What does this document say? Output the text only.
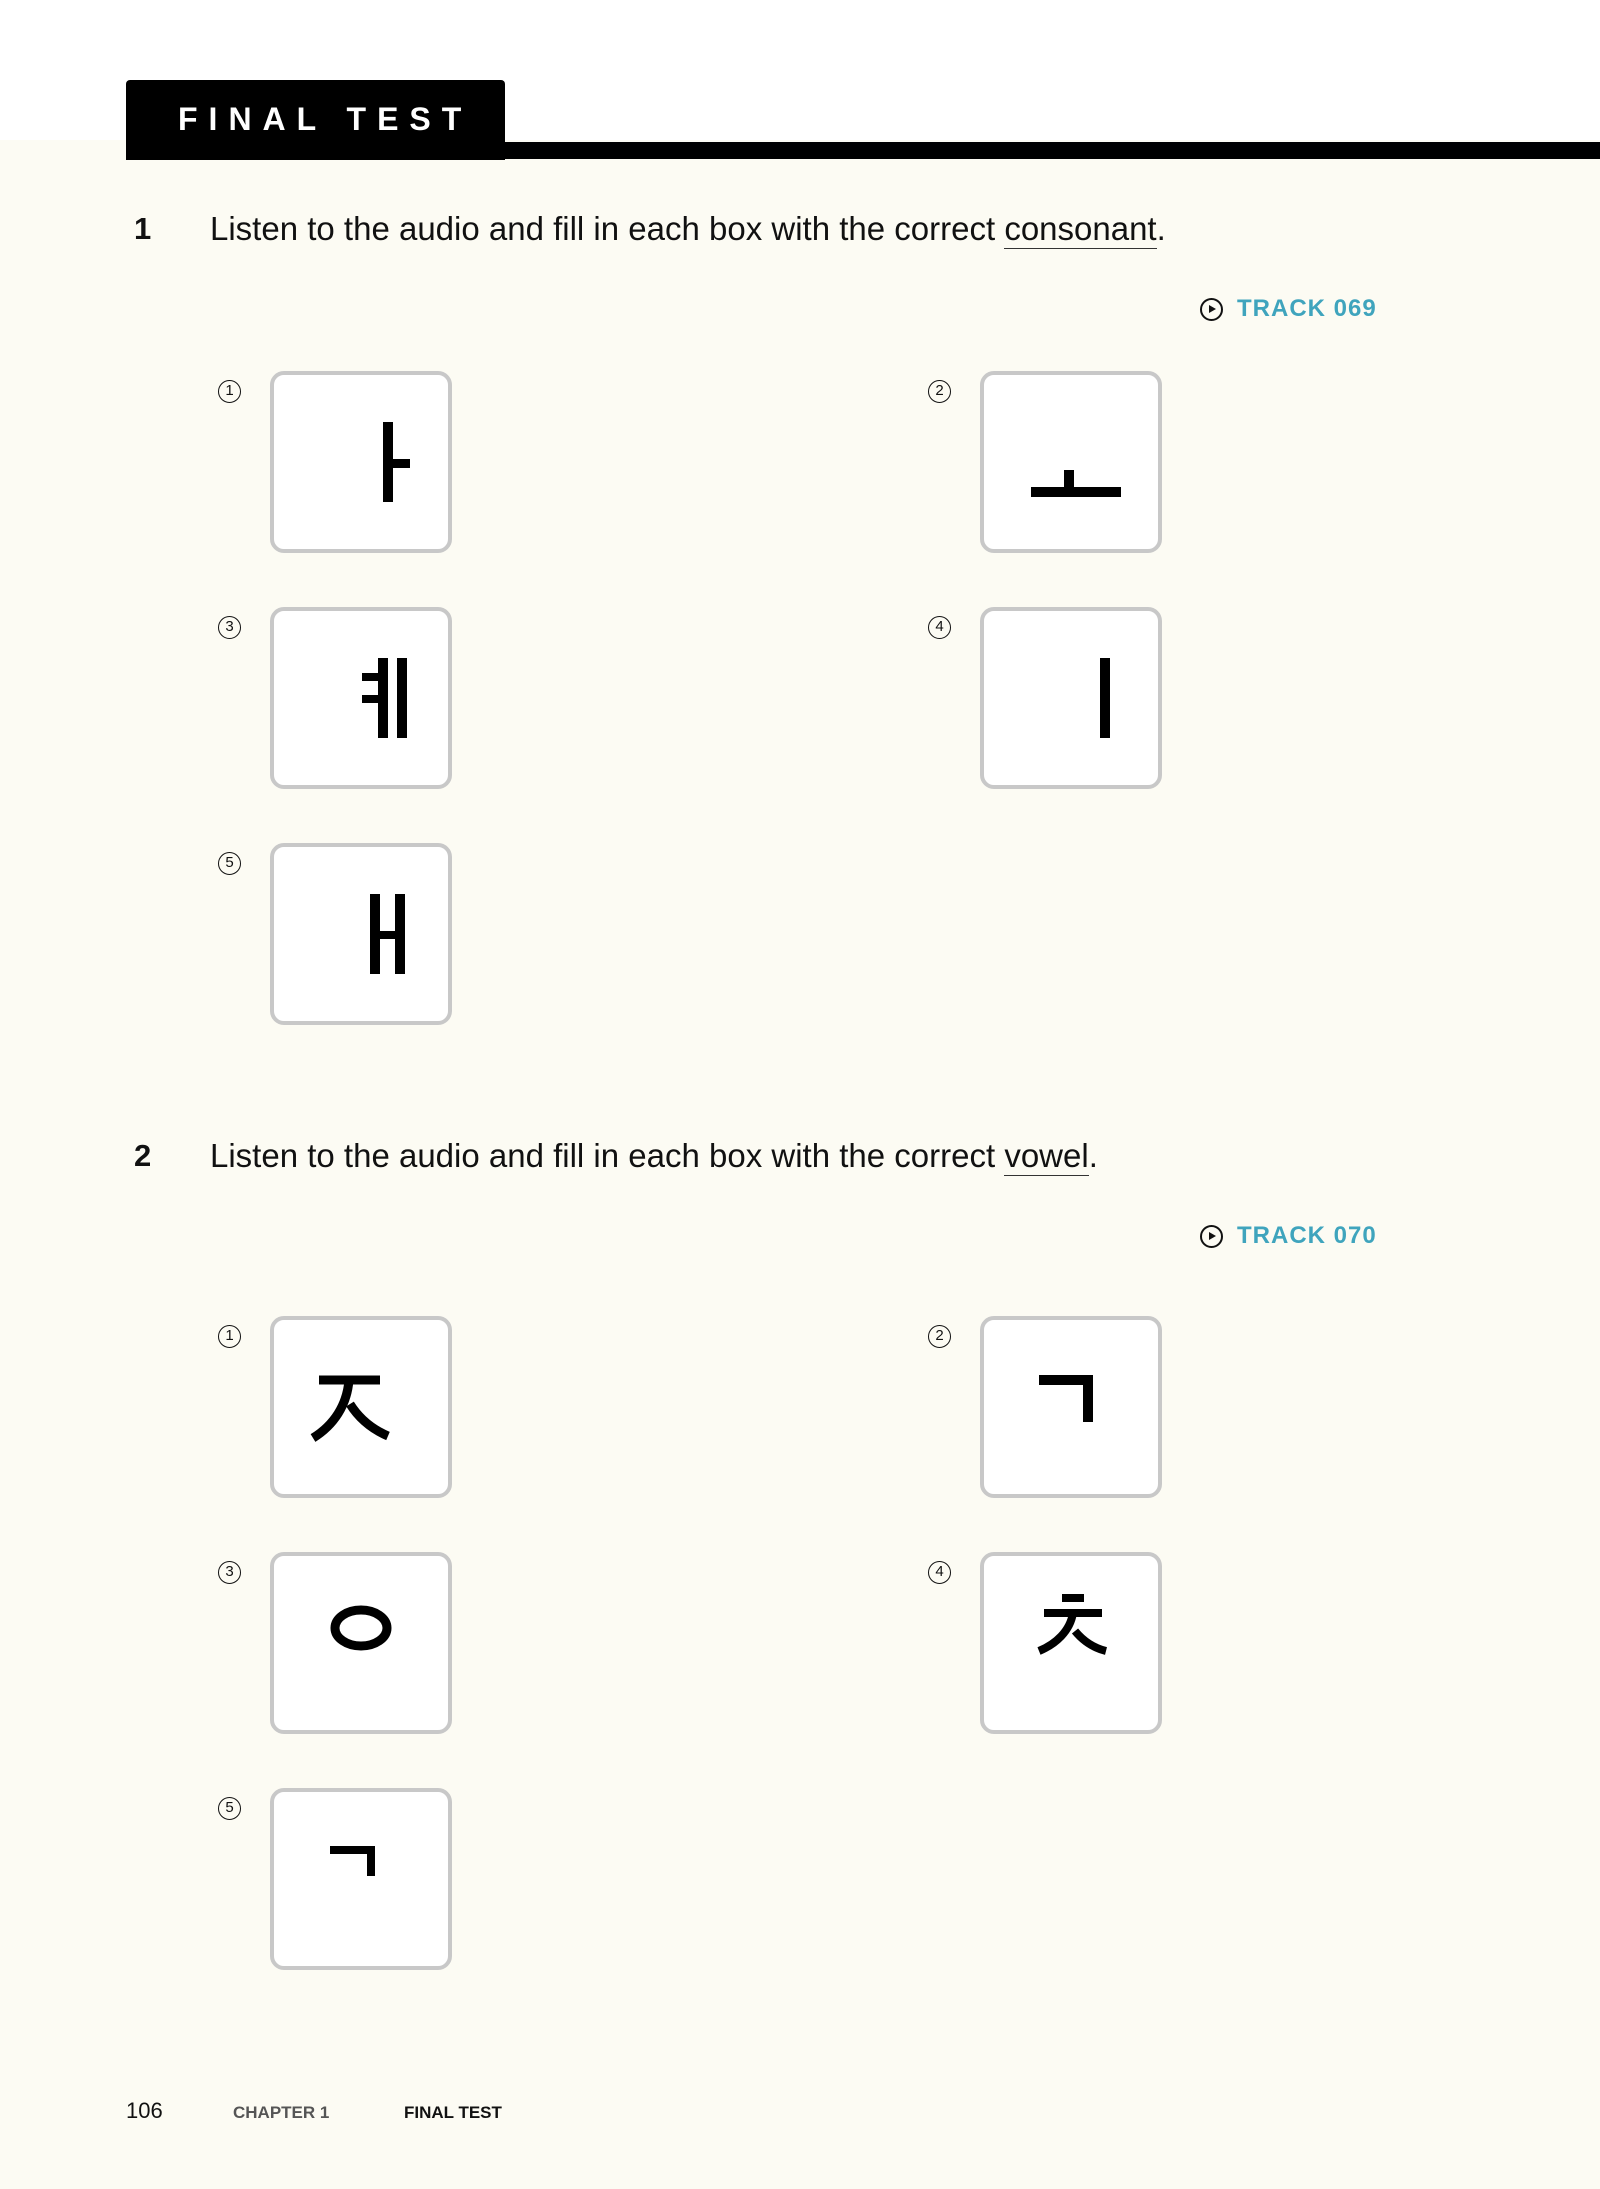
FINAL TEST
1 Listen to the audio and fill in each box with the correct consonant.
TRACK 069
1	2
3	4
5
2 Listen to the audio and fill in each box with the correct vowel.
TRACK 070
1	2
3	4
5
106	CHAPTER 1	FINAL TEST
